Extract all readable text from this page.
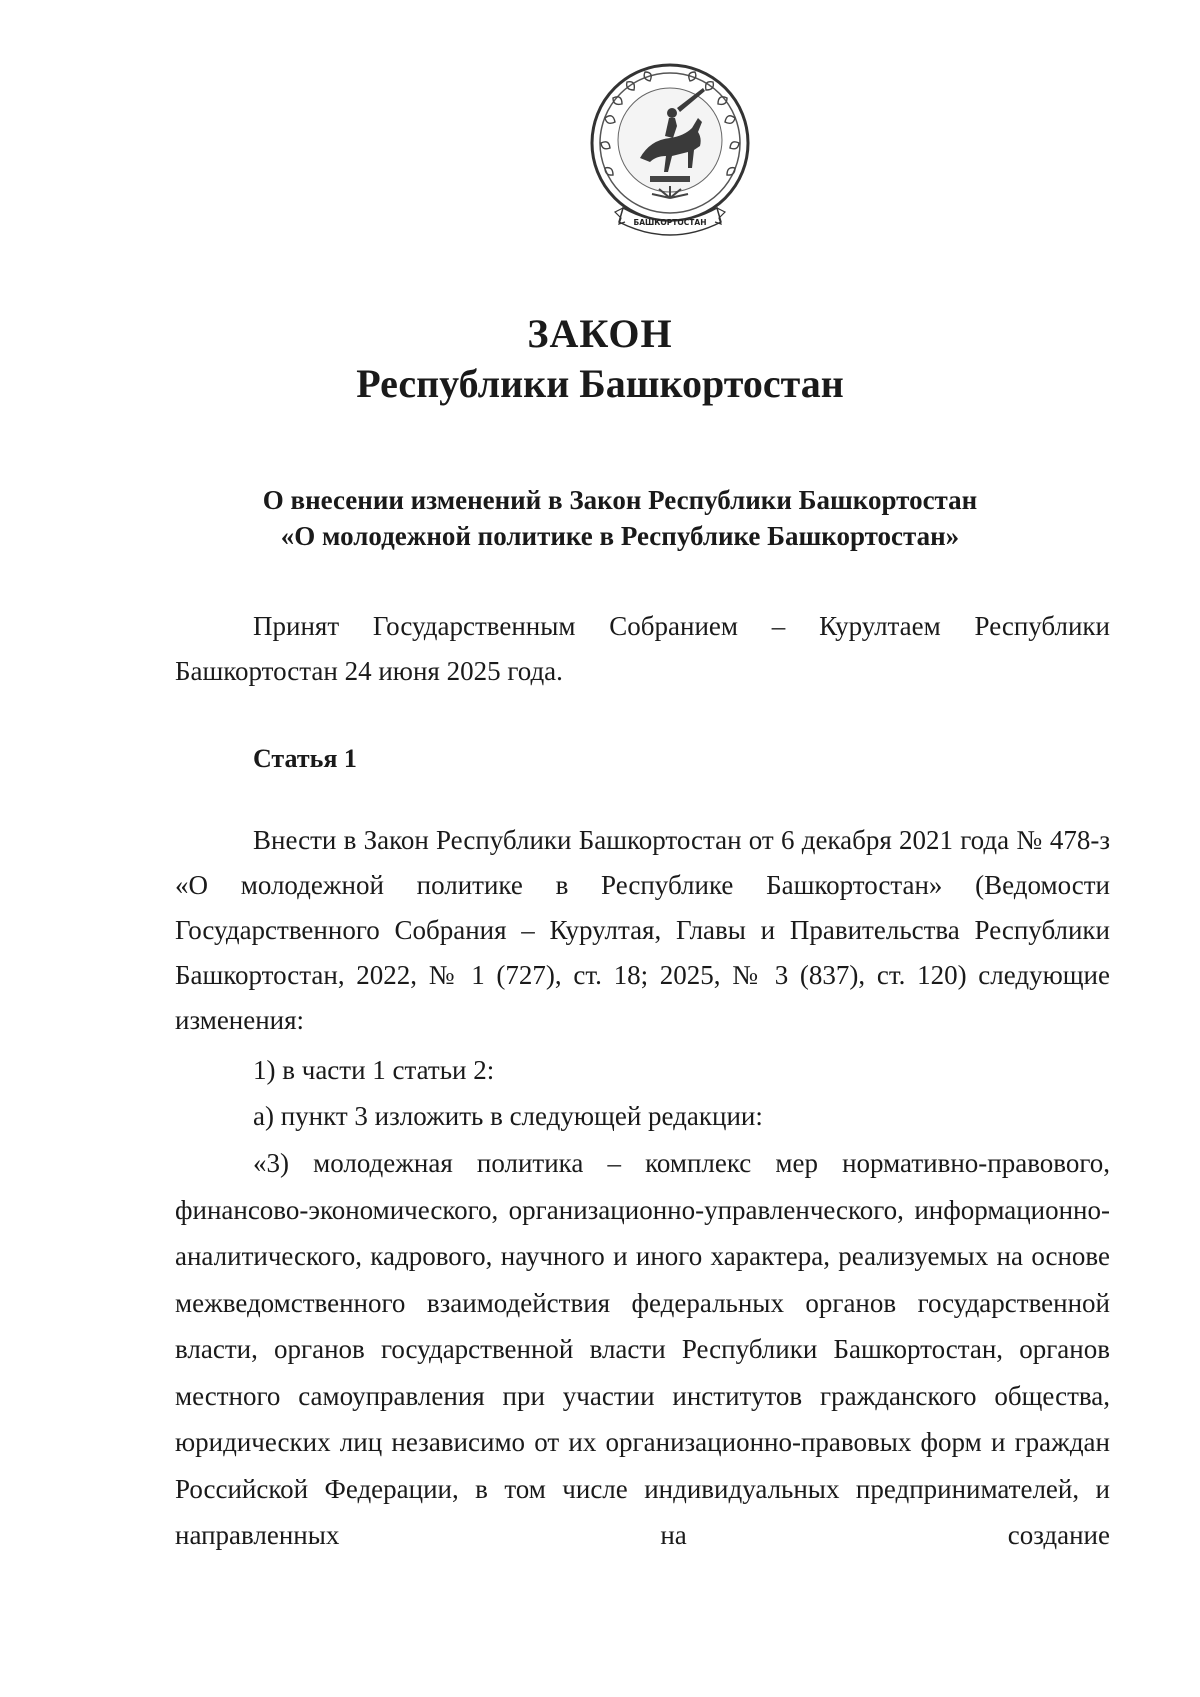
БАШКОРТОСТАН
ЗАКОН
Республики Башкортостан
О внесении изменений в Закон Республики Башкортостан
«О молодежной политике в Республике Башкортостан»
Принят Государственным Собранием – Курултаем Республики Башкортостан 24 июня 2025 года.
Статья 1
Внести в Закон Республики Башкортостан от 6 декабря 2021 года № 478-з «О молодежной политике в Республике Башкортостан» (Ведомости Государственного Собрания – Курултая, Главы и Правительства Республики Башкортостан, 2022, № 1 (727), ст. 18; 2025, № 3 (837), ст. 120) следующие изменения:
1) в части 1 статьи 2:
а) пункт 3 изложить в следующей редакции:
«3) молодежная политика – комплекс мер нормативно-правового, финансово-экономического, организационно-управленческого, информационно-аналитического, кадрового, научного и иного характера, реализуемых на основе межведомственного взаимодействия федеральных органов государственной власти, органов государственной власти Республики Башкортостан, органов местного самоуправления при участии институтов гражданского общества, юридических лиц независимо от их организационно-правовых форм и граждан Российской Федерации, в том числе индивидуальных предпринимателей, и направленных на создание
